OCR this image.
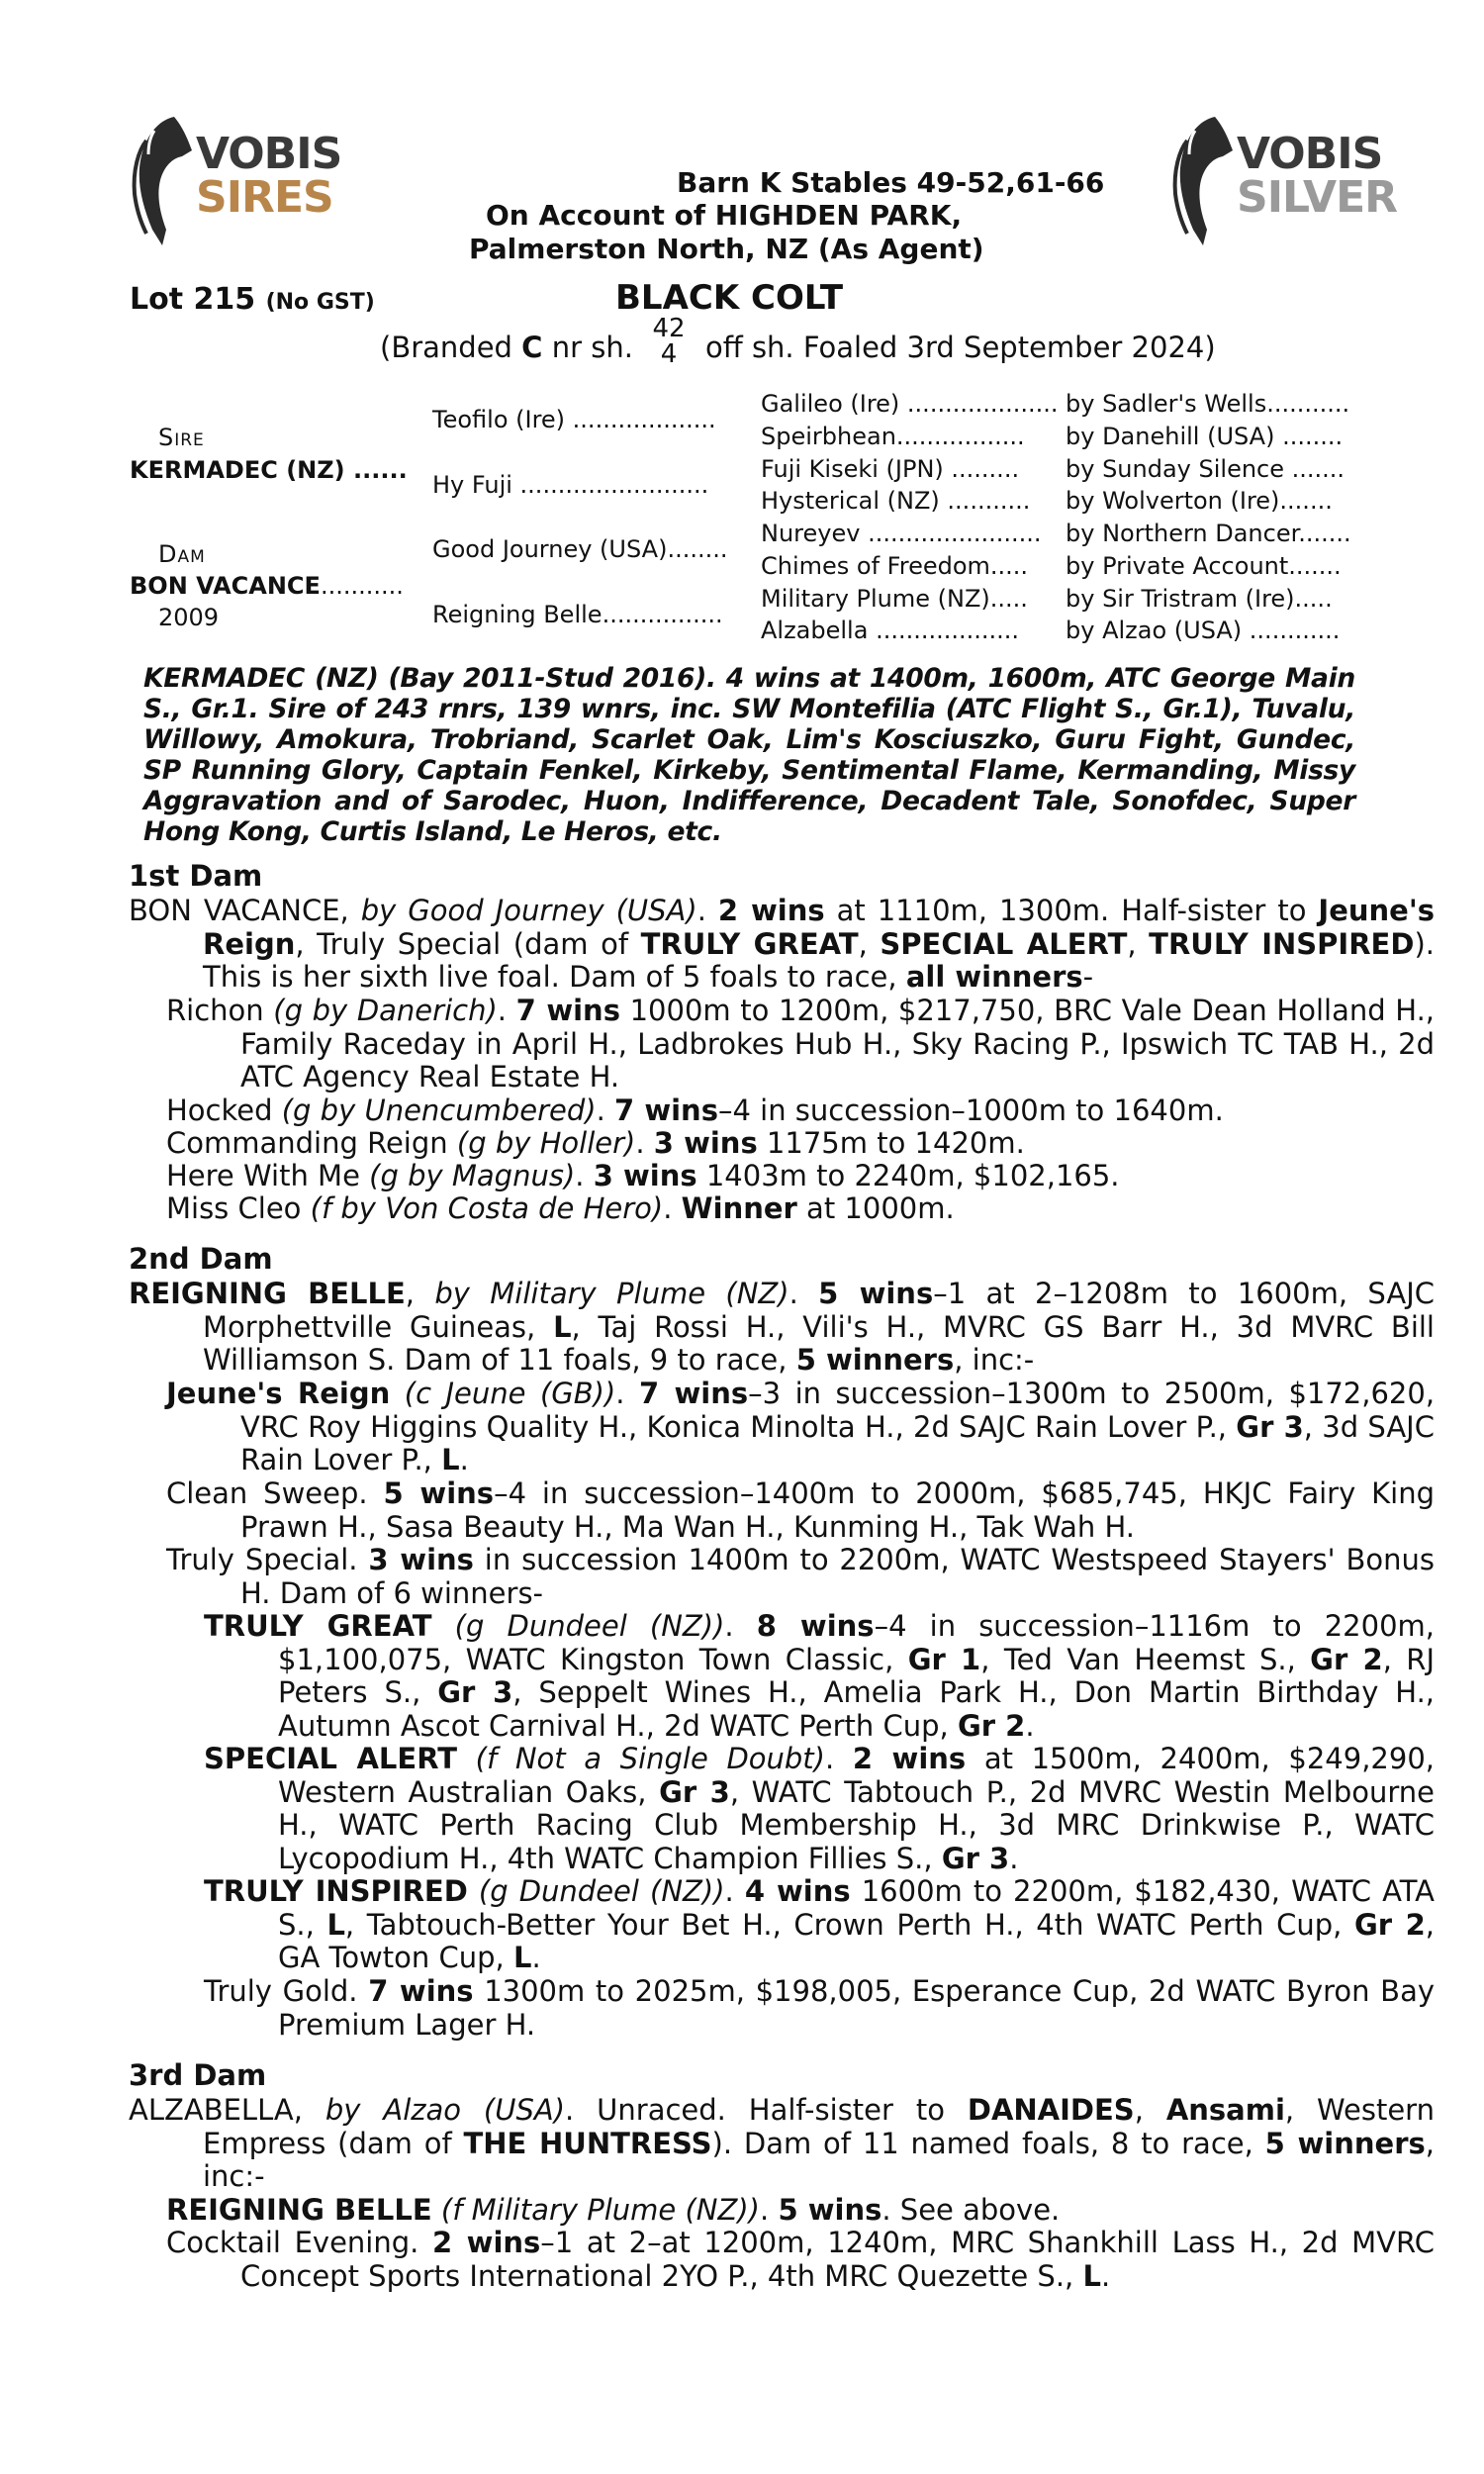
VOBIS
SIRES
VOBIS
SILVER
Barn K Stables 49-52,61-66
On Account of HIGHDEN PARK,
Palmerston North, NZ (As Agent)
Lot 215 (No GST)	BLACK COLT
(Branded C nr sh.
42
4 off sh. Foaled 3rd September 2024)
Sire
KERMADEC (NZ) ......
Dam
BON VACANCE...........
2009
Teofilo (Ire) ...................
Hy Fuji .........................
Good Journey (USA)........
Reigning Belle................
Galileo (Ire) ....................
Speirbhean.................
Fuji Kiseki (JPN) .........
Hysterical (NZ) ...........
Nureyev .......................
Chimes of Freedom.....
Military Plume (NZ).....
Alzabella ...................
by Sadler's Wells...........
by Danehill (USA) ........
by Sunday Silence .......
by Wolverton (Ire).......
by Northern Dancer.......
by Private Account.......
by Sir Tristram (Ire).....
by Alzao (USA) ............
KERMADEC (NZ) (Bay 2011-Stud 2016). 4 wins at 1400m, 1600m, ATC George Main S., Gr.1. Sire of 243 rnrs, 139 wnrs, inc. SW Montefilia (ATC Flight S., Gr.1), Tuvalu, Willowy, Amokura, Trobriand, Scarlet Oak, Lim's Kosciuszko, Guru Fight, Gundec, SP Running Glory, Captain Fenkel, Kirkeby, Sentimental Flame, Kermanding, Missy Aggravation and of Sarodec, Huon, Indifference, Decadent Tale, Sonofdec, Super Hong Kong, Curtis Island, Le Heros, etc.
1st Dam
BON VACANCE, by Good Journey (USA). 2 wins at 1110m, 1300m. Half-sister to Jeune's Reign, Truly Special (dam of TRULY GREAT, SPECIAL ALERT, TRULY INSPIRED). This is her sixth live foal. Dam of 5 foals to race, all winners-
Richon (g by Danerich). 7 wins 1000m to 1200m, $217,750, BRC Vale Dean Holland H., Family Raceday in April H., Ladbrokes Hub H., Sky Racing P., Ipswich TC TAB H., 2d ATC Agency Real Estate H.
Hocked (g by Unencumbered). 7 wins–4 in succession–1000m to 1640m.
Commanding Reign (g by Holler). 3 wins 1175m to 1420m.
Here With Me (g by Magnus). 3 wins 1403m to 2240m, $102,165.
Miss Cleo (f by Von Costa de Hero). Winner at 1000m.
2nd Dam
REIGNING BELLE, by Military Plume (NZ). 5 wins–1 at 2–1208m to 1600m, SAJC Morphettville Guineas, L, Taj Rossi H., Vili's H., MVRC GS Barr H., 3d MVRC Bill Williamson S. Dam of 11 foals, 9 to race, 5 winners, inc:-
Jeune's Reign (c Jeune (GB)). 7 wins–3 in succession–1300m to 2500m, $172,620, VRC Roy Higgins Quality H., Konica Minolta H., 2d SAJC Rain Lover P., Gr 3, 3d SAJC Rain Lover P., L.
Clean Sweep. 5 wins–4 in succession–1400m to 2000m, $685,745, HKJC Fairy King Prawn H., Sasa Beauty H., Ma Wan H., Kunming H., Tak Wah H.
Truly Special. 3 wins in succession 1400m to 2200m, WATC Westspeed Stayers' Bonus H. Dam of 6 winners-
TRULY GREAT (g Dundeel (NZ)). 8 wins–4 in succession–1116m to 2200m, $1,100,075, WATC Kingston Town Classic, Gr 1, Ted Van Heemst S., Gr 2, RJ Peters S., Gr 3, Seppelt Wines H., Amelia Park H., Don Martin Birthday H., Autumn Ascot Carnival H., 2d WATC Perth Cup, Gr 2.
SPECIAL ALERT (f Not a Single Doubt). 2 wins at 1500m, 2400m, $249,290, Western Australian Oaks, Gr 3, WATC Tabtouch P., 2d MVRC Westin Melbourne H., WATC Perth Racing Club Membership H., 3d MRC Drinkwise P., WATC Lycopodium H., 4th WATC Champion Fillies S., Gr 3.
TRULY INSPIRED (g Dundeel (NZ)). 4 wins 1600m to 2200m, $182,430, WATC ATA S., L, Tabtouch-Better Your Bet H., Crown Perth H., 4th WATC Perth Cup, Gr 2, GA Towton Cup, L.
Truly Gold. 7 wins 1300m to 2025m, $198,005, Esperance Cup, 2d WATC Byron Bay Premium Lager H.
3rd Dam
ALZABELLA, by Alzao (USA). Unraced. Half-sister to DANAIDES, Ansami, Western Empress (dam of THE HUNTRESS). Dam of 11 named foals, 8 to race, 5 winners, inc:-
REIGNING BELLE (f Military Plume (NZ)). 5 wins. See above.
Cocktail Evening. 2 wins–1 at 2–at 1200m, 1240m, MRC Shankhill Lass H., 2d MVRC Concept Sports International 2YO P., 4th MRC Quezette S., L.
